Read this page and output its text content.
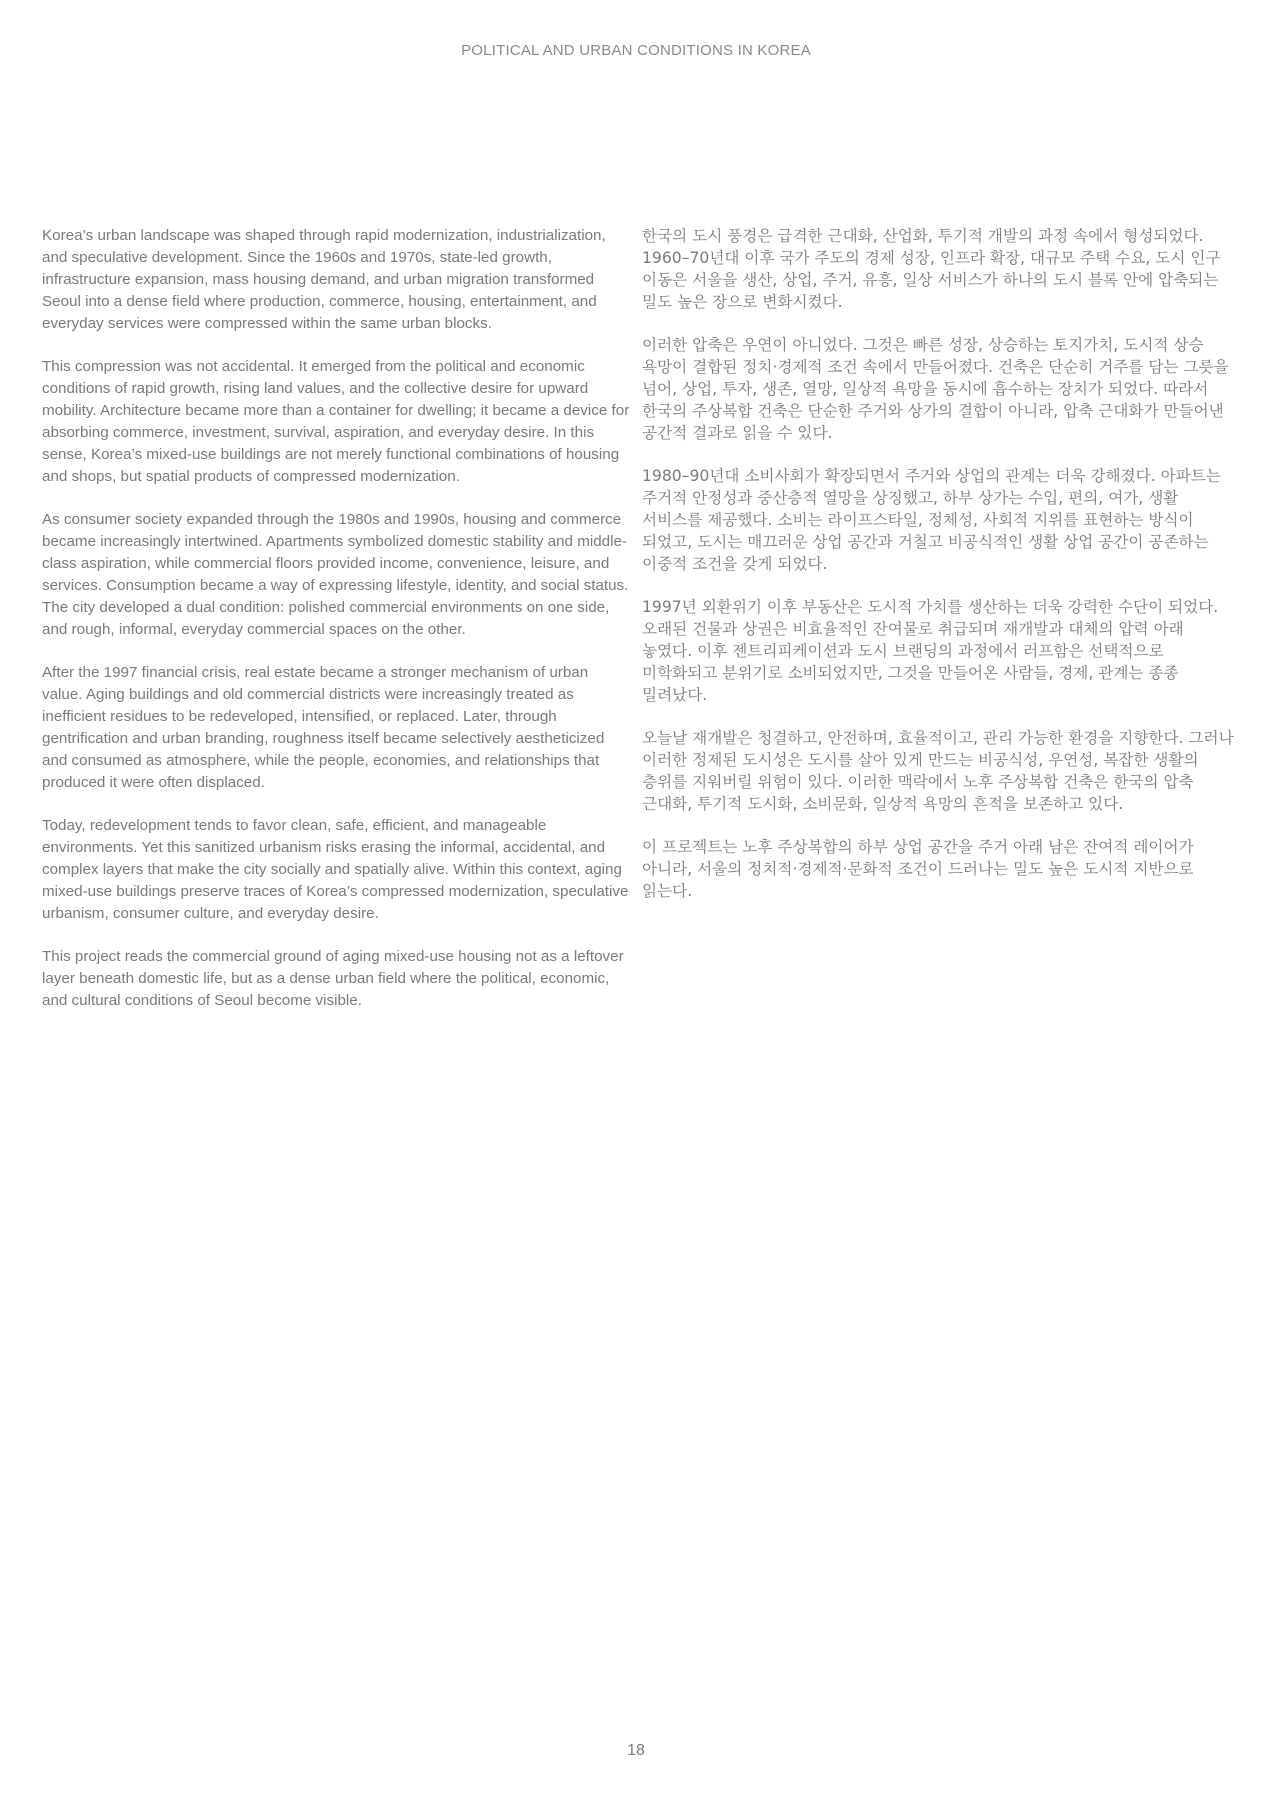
POLITICAL AND URBAN CONDITIONS IN KOREA

Korea’s urban landscape was shaped through rapid modernization, industrialization, and speculative development. Since the 1960s and 1970s, state-led growth, infrastructure expansion, mass housing demand, and urban migration transformed Seoul into a dense field where production, commerce, housing, entertainment, and everyday services were compressed within the same urban blocks.

This compression was not accidental. It emerged from the political and economic conditions of rapid growth, rising land values, and the collective desire for upward mobility. Architecture became more than a container for dwelling; it became a device for absorbing commerce, investment, survival, aspiration, and everyday desire. In this sense, Korea’s mixed-use buildings are not merely functional combinations of housing and shops, but spatial products of compressed modernization.

As consumer society expanded through the 1980s and 1990s, housing and commerce became increasingly intertwined. Apartments symbolized domestic stability and middle-class aspiration, while commercial floors provided income, convenience, leisure, and services. Consumption became a way of expressing lifestyle, identity, and social status. The city developed a dual condition: polished commercial environments on one side, and rough, informal, everyday commercial spaces on the other.

After the 1997 financial crisis, real estate became a stronger mechanism of urban value. Aging buildings and old commercial districts were increasingly treated as inefficient residues to be redeveloped, intensified, or replaced. Later, through gentrification and urban branding, roughness itself became selectively aestheticized and consumed as atmosphere, while the people, economies, and relationships that produced it were often displaced.

Today, redevelopment tends to favor clean, safe, efficient, and manageable environments. Yet this sanitized urbanism risks erasing the informal, accidental, and complex layers that make the city socially and spatially alive. Within this context, aging mixed-use buildings preserve traces of Korea’s compressed modernization, speculative urbanism, consumer culture, and everyday desire.

This project reads the commercial ground of aging mixed-use housing not as a leftover layer beneath domestic life, but as a dense urban field where the political, economic, and cultural conditions of Seoul become visible.

한국의 도시 풍경은 급격한 근대화, 산업화, 투기적 개발의 과정 속에서 형성되었다. 1960–70년대 이후 국가 주도의 경제 성장, 인프라 확장, 대규모 주택 수요, 도시 인구 이동은 서울을 생산, 상업, 주거, 유흥, 일상 서비스가 하나의 도시 블록 안에 압축되는 밀도 높은 장으로 변화시켰다.

이러한 압축은 우연이 아니었다. 그것은 빠른 성장, 상승하는 토지가치, 도시적 상승 욕망이 결합된 정치·경제적 조건 속에서 만들어졌다. 건축은 단순히 거주를 담는 그릇을 넘어, 상업, 투자, 생존, 열망, 일상적 욕망을 동시에 흡수하는 장치가 되었다. 따라서 한국의 주상복합 건축은 단순한 주거와 상가의 결합이 아니라, 압축 근대화가 만들어낸 공간적 결과로 읽을 수 있다.

1980–90년대 소비사회가 확장되면서 주거와 상업의 관계는 더욱 강해졌다. 아파트는 주거적 안정성과 중산층적 열망을 상징했고, 하부 상가는 수입, 편의, 여가, 생활 서비스를 제공했다. 소비는 라이프스타일, 정체성, 사회적 지위를 표현하는 방식이 되었고, 도시는 매끄러운 상업 공간과 거칠고 비공식적인 생활 상업 공간이 공존하는 이중적 조건을 갖게 되었다.

1997년 외환위기 이후 부동산은 도시적 가치를 생산하는 더욱 강력한 수단이 되었다. 오래된 건물과 상권은 비효율적인 잔여물로 취급되며 재개발과 대체의 압력 아래 놓였다. 이후 젠트리피케이션과 도시 브랜딩의 과정에서 러프함은 선택적으로 미학화되고 분위기로 소비되었지만, 그것을 만들어온 사람들, 경제, 관계는 종종 밀려났다.

오늘날 재개발은 청결하고, 안전하며, 효율적이고, 관리 가능한 환경을 지향한다. 그러나 이러한 정제된 도시성은 도시를 살아 있게 만드는 비공식성, 우연성, 복잡한 생활의 층위를 지워버릴 위험이 있다. 이러한 맥락에서 노후 주상복합 건축은 한국의 압축 근대화, 투기적 도시화, 소비문화, 일상적 욕망의 흔적을 보존하고 있다.

이 프로젝트는 노후 주상복합의 하부 상업 공간을 주거 아래 남은 잔여적 레이어가 아니라, 서울의 정치적·경제적·문화적 조건이 드러나는 밀도 높은 도시적 지반으로 읽는다.

18
